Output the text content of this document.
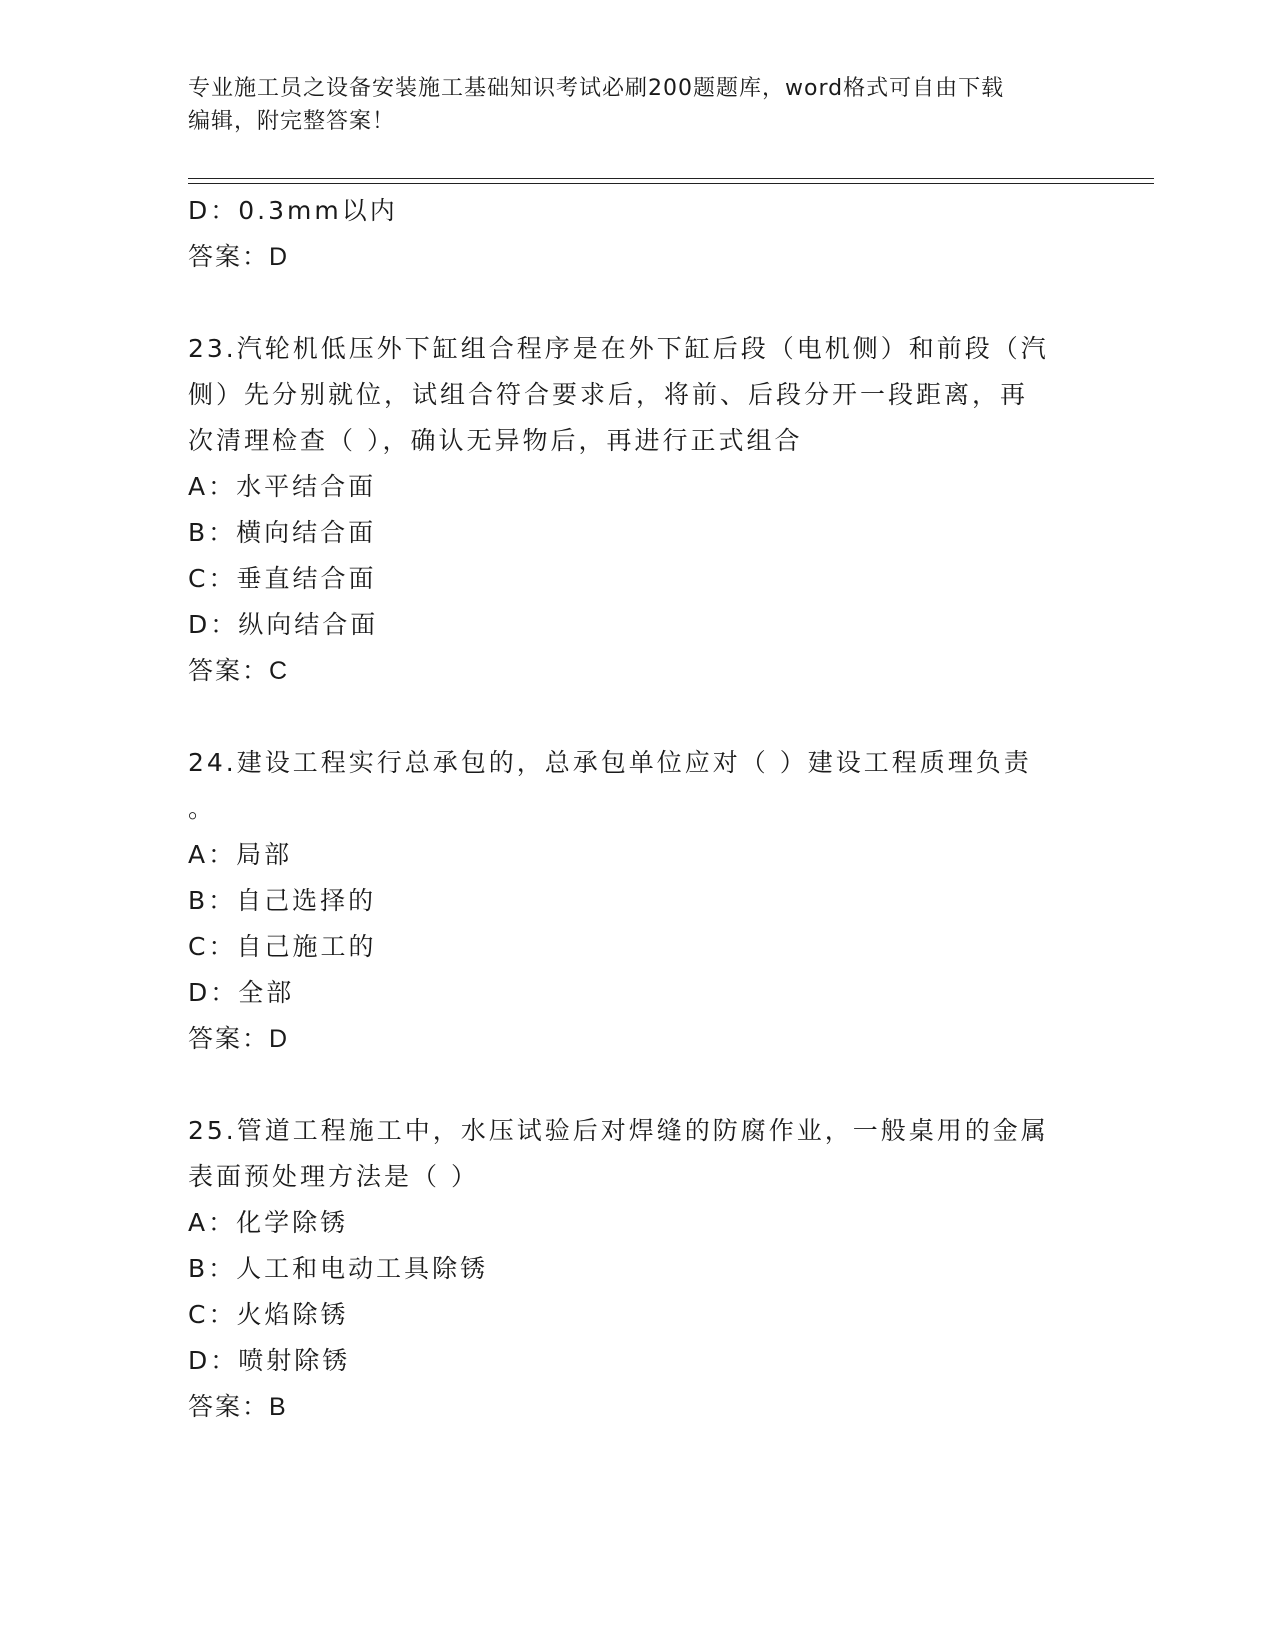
专业施工员之设备安装施工基础知识考试必刷200题题库，word格式可自由下载
编辑，附完整答案！
D：0.3mm以内
答案：D
23.汽轮机低压外下缸组合程序是在外下缸后段（电机侧）和前段（汽
侧）先分别就位，试组合符合要求后，将前、后段分开一段距离，再
次清理检查（ ），确认无异物后，再进行正式组合
A：水平结合面
B：横向结合面
C：垂直结合面
D：纵向结合面
答案：C
24.建设工程实行总承包的，总承包单位应对（ ）建设工程质理负责
。
A：局部
B：自己选择的
C：自己施工的
D：全部
答案：D
25.管道工程施工中，水压试验后对焊缝的防腐作业，一般桌用的金属
表面预处理方法是（ ）
A：化学除锈
B：人工和电动工具除锈
C：火焰除锈
D：喷射除锈
答案：B
